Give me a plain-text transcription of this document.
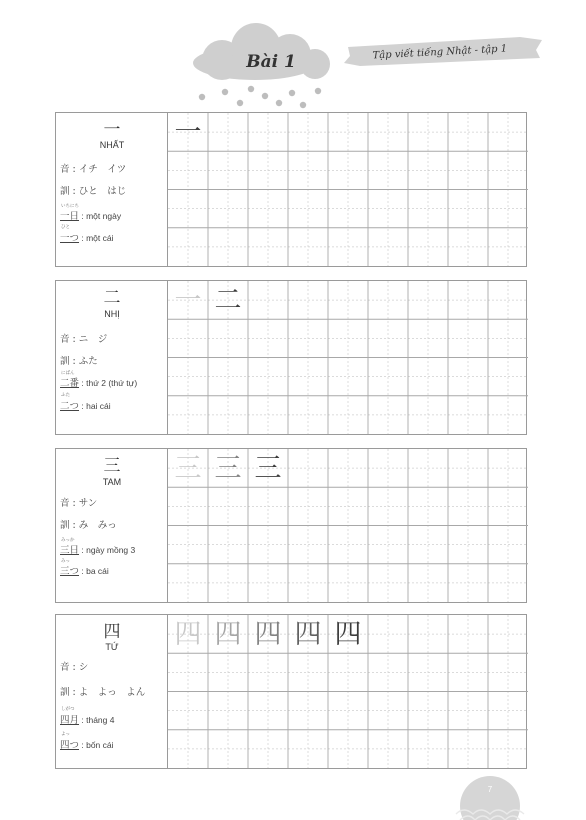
Bài 1	Tập viết tiếng Nhật - tập 1
一
NHẤT
音 : イチ　イツ
訓 : ひと　はじ
いちにち
一日 : một ngày
ひと
一つ : một cái
一
二
NHỊ
音 : ニ　ジ
訓 : ふた
にばん
二番 : thứ 2 (thứ tự)
ふた
二つ : hai cái
一 二
三
TAM
音 : サン
訓 : み　みっ
みっか
三日 : ngày mồng 3
みっ
三つ : ba cái
三 三 三
四
TỨ
音 : シ
訓 : よ　よっ　よん
しがつ
四月 : tháng 4
よっ
四つ : bốn cái
四 四 四 四 四
7
